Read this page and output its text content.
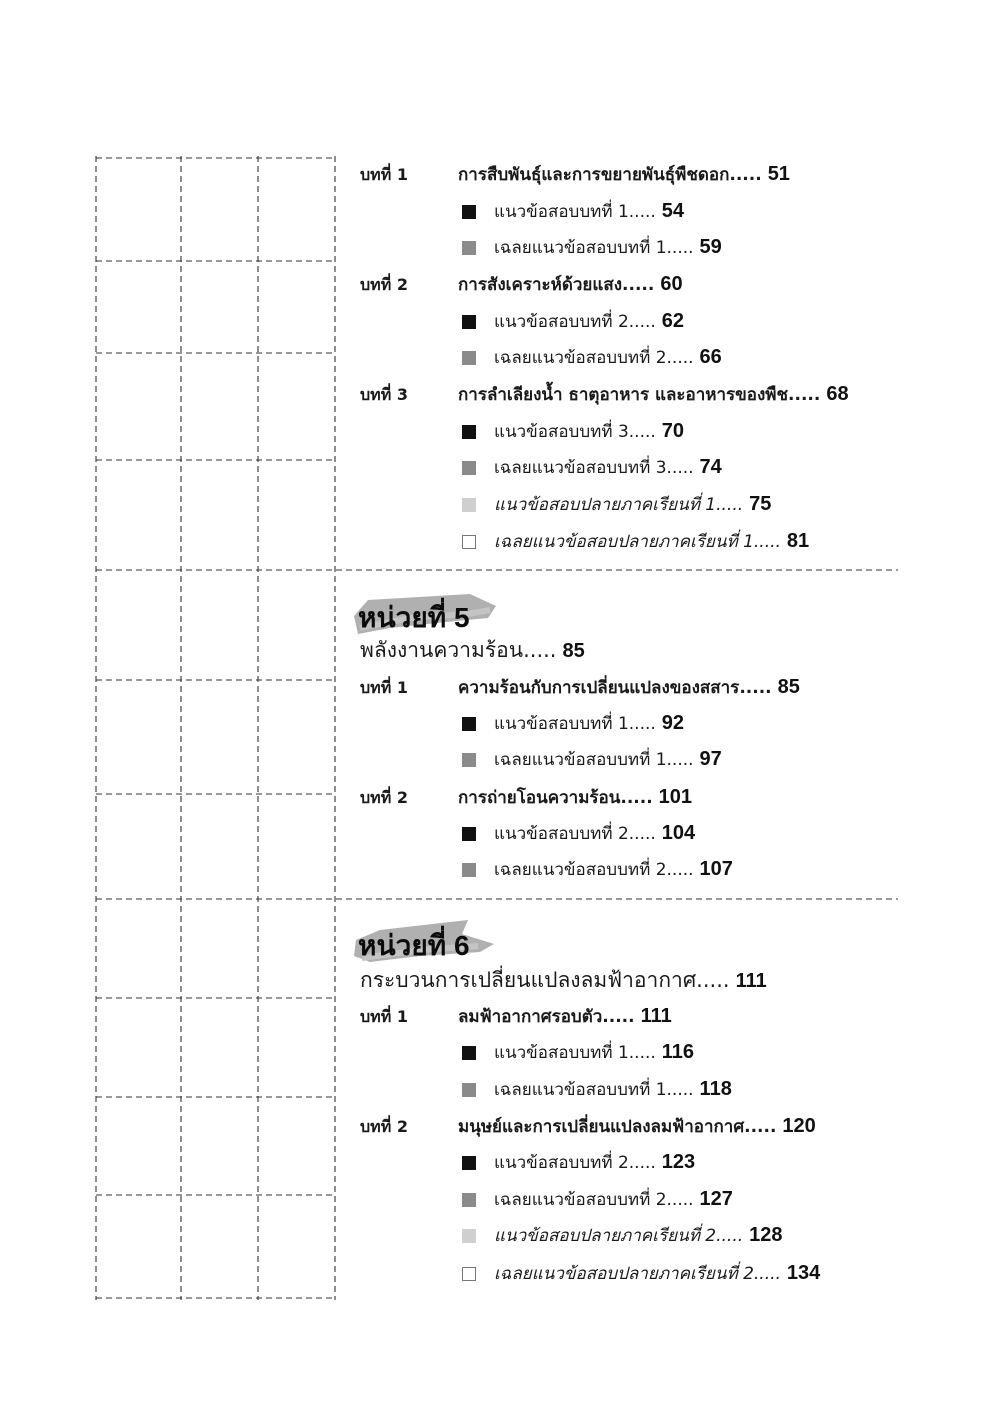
บทที่ 1	การสืบพันธุ์และการขยายพันธุ์พืชดอก..... 51
แนวข้อสอบบทที่ 1..... 54
เฉลยแนวข้อสอบบทที่ 1..... 59
บทที่ 2	การสังเคราะห์ด้วยแสง..... 60
แนวข้อสอบบทที่ 2..... 62
เฉลยแนวข้อสอบบทที่ 2..... 66
บทที่ 3	การลำเลียงน้ำ ธาตุอาหาร และอาหารของพืช..... 68
แนวข้อสอบบทที่ 3..... 70
เฉลยแนวข้อสอบบทที่ 3..... 74
แนวข้อสอบปลายภาคเรียนที่ 1..... 75
เฉลยแนวข้อสอบปลายภาคเรียนที่ 1..... 81
หน่วยที่ 5
พลังงานความร้อน..... 85
บทที่ 1	ความร้อนกับการเปลี่ยนแปลงของสสาร..... 85
แนวข้อสอบบทที่ 1..... 92
เฉลยแนวข้อสอบบทที่ 1..... 97
บทที่ 2	การถ่ายโอนความร้อน..... 101
แนวข้อสอบบทที่ 2..... 104
เฉลยแนวข้อสอบบทที่ 2..... 107
หน่วยที่ 6
กระบวนการเปลี่ยนแปลงลมฟ้าอากาศ..... 111
บทที่ 1	ลมฟ้าอากาศรอบตัว..... 111
แนวข้อสอบบทที่ 1..... 116
เฉลยแนวข้อสอบบทที่ 1..... 118
บทที่ 2	มนุษย์และการเปลี่ยนแปลงลมฟ้าอากาศ..... 120
แนวข้อสอบบทที่ 2..... 123
เฉลยแนวข้อสอบบทที่ 2..... 127
แนวข้อสอบปลายภาคเรียนที่ 2..... 128
เฉลยแนวข้อสอบปลายภาคเรียนที่ 2..... 134
